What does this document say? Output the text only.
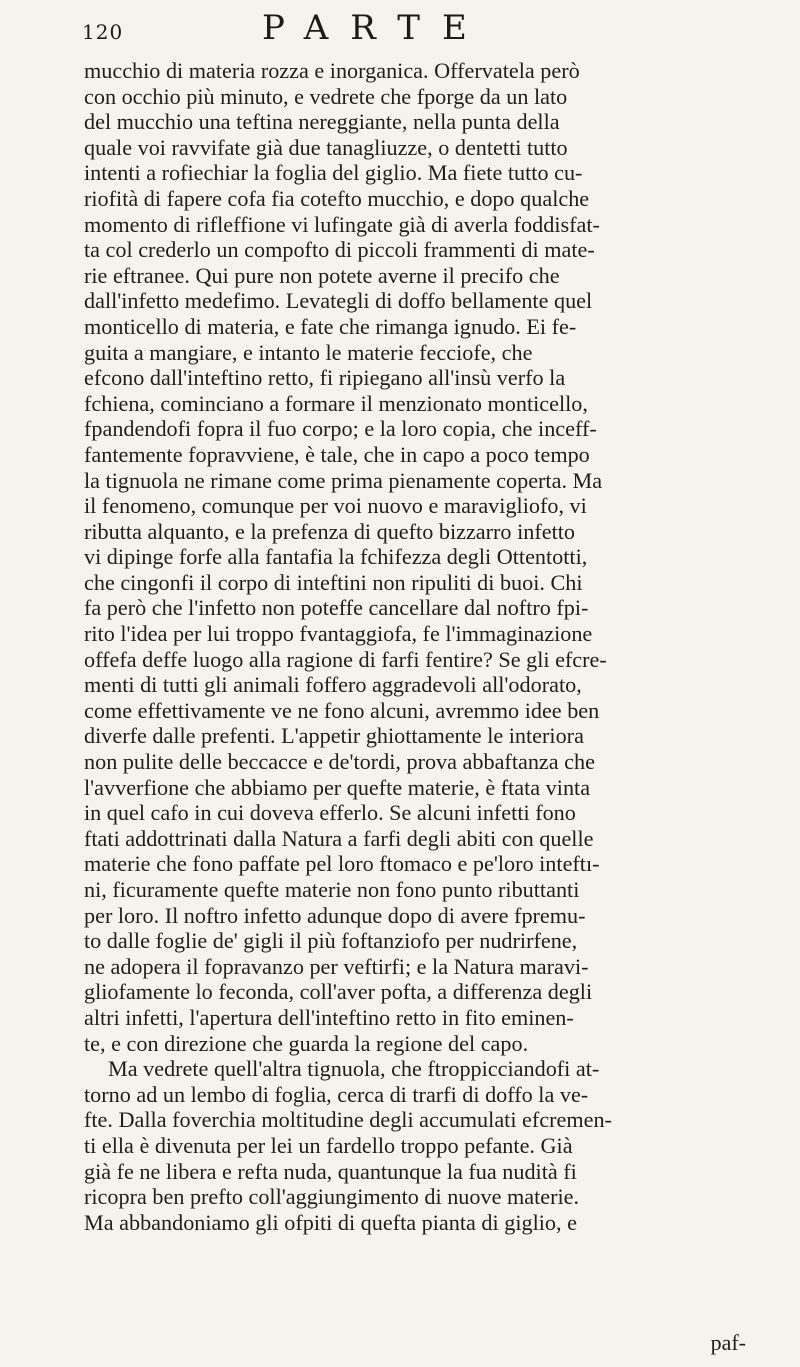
120	PARTE
mucchio di materia rozza e inorganica. Offervatela però
con occhio più minuto, e vedrete che fporge da un lato
del mucchio una teftina nereggiante, nella punta della
quale voi ravvifate già due tanagliuzze, o dentetti tutto
intenti a rofiechiar la foglia del giglio. Ma fiete tutto cu-
riofità di fapere cofa fia cotefto mucchio, e dopo qualche
momento di rifleffione vi lufingate già di averla foddisfat-
ta col crederlo un compofto di piccoli frammenti di mate-
rie eftranee. Qui pure non potete averne il precifo che
dall'infetto medefimo. Levategli di doffo bellamente quel
monticello di materia, e fate che rimanga ignudo. Ei fe-
guita a mangiare, e intanto le materie fecciofe, che
efcono dall'inteftino retto, fi ripiegano all'insù verfo la
fchiena, cominciano a formare il menzionato monticello,
fpandendofi fopra il fuo corpo; e la loro copia, che inceff-
fantemente fopravviene, è tale, che in capo a poco tempo
la tignuola ne rimane come prima pienamente coperta. Ma
il fenomeno, comunque per voi nuovo e maravigliofo, vi
ributta alquanto, e la prefenza di quefto bizzarro infetto
vi dipinge forfe alla fantafia la fchifezza degli Ottentotti,
che cingonfi il corpo di inteftini non ripuliti di buoi. Chi
fa però che l'infetto non poteffe cancellare dal noftro fpi-
rito l'idea per lui troppo fvantaggiofa, fe l'immaginazione
offefa deffe luogo alla ragione di farfi fentire? Se gli efcre-
menti di tutti gli animali foffero aggradevoli all'odorato,
come effettivamente ve ne fono alcuni, avremmo idee ben
diverfe dalle prefenti. L'appetir ghiottamente le interiora
non pulite delle beccacce e de'tordi, prova abbaftanza che
l'avverfione che abbiamo per quefte materie, è ftata vinta
in quel cafo in cui doveva efferlo. Se alcuni infetti fono
ftati addottrinati dalla Natura a farfi degli abiti con quelle
materie che fono paffate pel loro ftomaco e pe'loro inteftı-
ni, ficuramente quefte materie non fono punto ributtanti
per loro. Il noftro infetto adunque dopo di avere fpremu-
to dalle foglie de' gigli il più foftanziofo per nudrirfene,
ne adopera il fopravanzo per veftirfi; e la Natura maravi-
gliofamente lo feconda, coll'aver pofta, a differenza degli
altri infetti, l'apertura dell'inteftino retto in fito eminen-
te, e con direzione che guarda la regione del capo.
Ma vedrete quell'altra tignuola, che ftroppicciandofi at-
torno ad un lembo di foglia, cerca di trarfi di doffo la ve-
fte. Dalla foverchia moltitudine degli accumulati efcremen-
ti ella è divenuta per lei un fardello troppo pefante. Già
già fe ne libera e refta nuda, quantunque la fua nudità fi
ricopra ben prefto coll'aggiungimento di nuove materie.
Ma abbandoniamo gli ofpiti di quefta pianta di giglio, e
paf-
